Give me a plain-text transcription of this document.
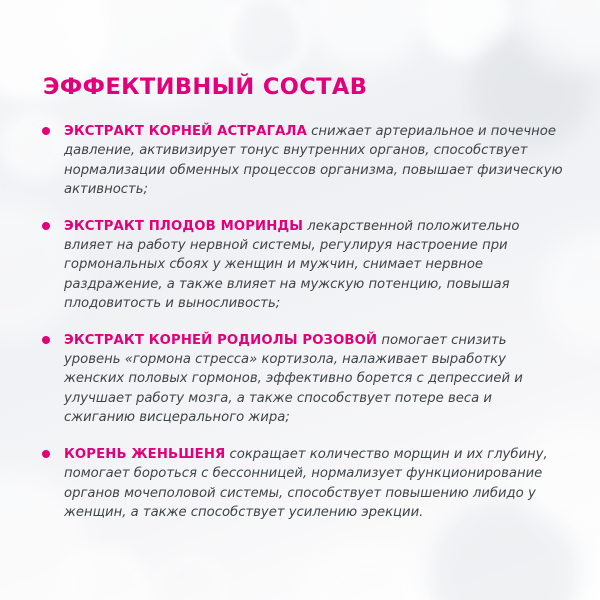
ЭФФЕКТИВНЫЙ СОСТАВ
ЭКСТРАКТ КОРНЕЙ АСТРАГАЛА снижает артериальное и почечное давление, активизирует тонус внутренних органов, способствует нормализации обменных процессов организма, повышает физическую активность;
ЭКСТРАКТ ПЛОДОВ МОРИНДЫ лекарственной положительно влияет на работу нервной системы, регулируя настроение при гормональных сбоях у женщин и мужчин, снимает нервное раздражение, а также влияет на мужскую потенцию, повышая плодовитость и выносливость;
ЭКСТРАКТ КОРНЕЙ РОДИОЛЫ РОЗОВОЙ помогает снизить уровень «гормона стресса» кортизола, налаживает выработку женских половых гормонов, эффективно борется с депрессией и улучшает работу мозга, а также способствует потере веса и сжиганию висцерального жира;
КОРЕНЬ ЖЕНЬШЕНЯ сокращает количество морщин и их глубину, помогает бороться с бессонницей, нормализует функционирование органов мочеполовой системы, способствует повышению либидо у женщин, а также способствует усилению эрекции.
